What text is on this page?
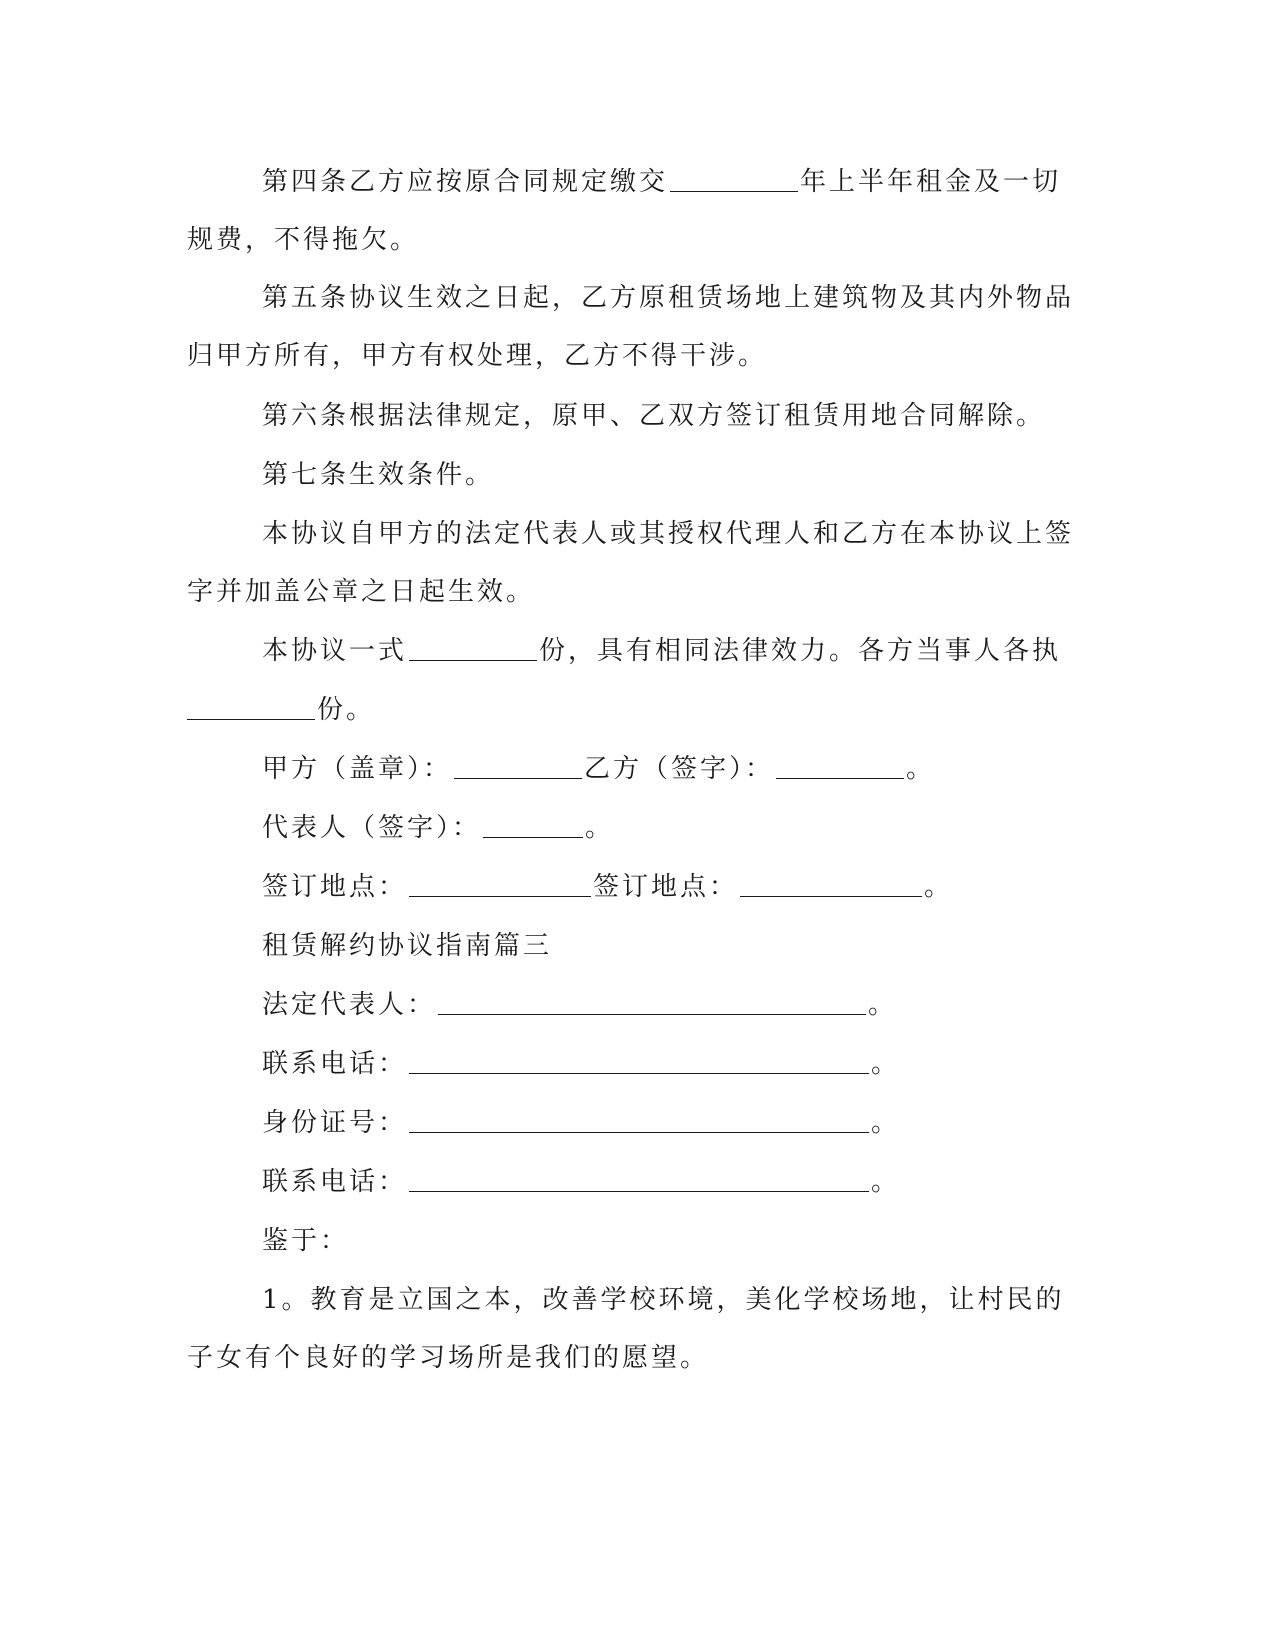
第四条乙方应按原合同规定缴交	年上半年租金及一切
规费，不得拖欠。
第五条协议生效之日起，乙方原租赁场地上建筑物及其内外物品
归甲方所有，甲方有权处理，乙方不得干涉。
第六条根据法律规定，原甲、乙双方签订租赁用地合同解除。
第七条生效条件。
本协议自甲方的法定代表人或其授权代理人和乙方在本协议上签
字并加盖公章之日起生效。
本协议一式	份，具有相同法律效力。各方当事人各执
份。
甲方（盖章）：	乙方（签字）：	。
代表人（签字）：	。
签订地点：	签订地点：	。
租赁解约协议指南篇三
法定代表人：	。
联系电话：	。
身份证号：	。
联系电话：	。
鉴于：
1。教育是立国之本，改善学校环境，美化学校场地，让村民的
子女有个良好的学习场所是我们的愿望。
